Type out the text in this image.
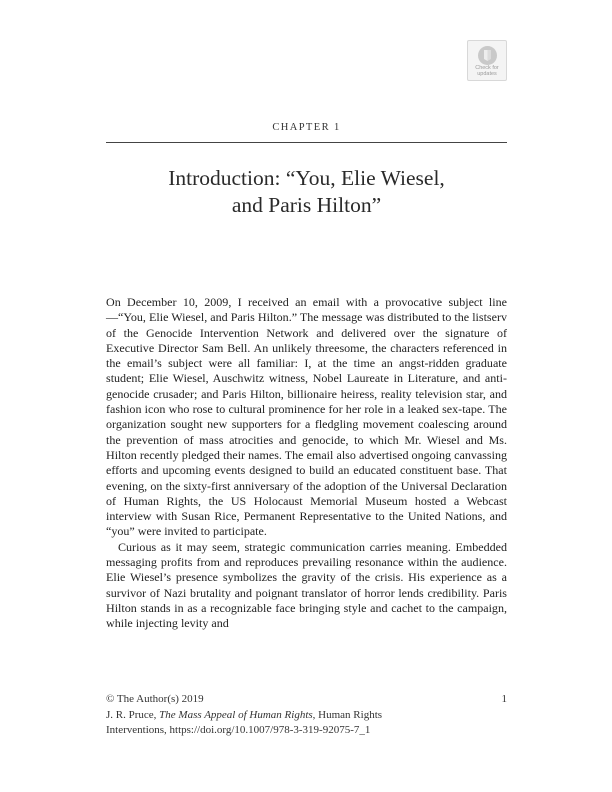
Check for
updates
CHAPTER 1
Introduction: “You, Elie Wiesel,
and Paris Hilton”

On December 10, 2009, I received an email with a provocative subject line—“You, Elie Wiesel, and Paris Hilton.” The message was distributed to the listserv of the Genocide Intervention Network and delivered over the signature of Executive Director Sam Bell. An unlikely threesome, the characters referenced in the email’s subject were all familiar: I, at the time an angst-ridden graduate student; Elie Wiesel, Auschwitz witness, Nobel Laureate in Literature, and anti-genocide crusader; and Paris Hilton, billionaire heiress, reality television star, and fashion icon who rose to cultural prominence for her role in a leaked sex-tape. The organization sought new supporters for a fledgling movement coalescing around the prevention of mass atrocities and genocide, to which Mr. Wiesel and Ms. Hilton recently pledged their names. The email also advertised ongoing canvassing efforts and upcoming events designed to build an educated constituent base. That evening, on the sixty-first anniversary of the adoption of the Universal Declaration of Human Rights, the US Holocaust Memorial Museum hosted a Webcast interview with Susan Rice, Permanent Representative to the United Nations, and “you” were invited to participate.

Curious as it may seem, strategic communication carries meaning. Embedded messaging profits from and reproduces prevailing resonance within the audience. Elie Wiesel’s presence symbolizes the gravity of the crisis. His experience as a survivor of Nazi brutality and poignant translator of horror lends credibility. Paris Hilton stands in as a recognizable face bringing style and cachet to the campaign, while injecting levity and

© The Author(s) 2019	1
J. R. Pruce, The Mass Appeal of Human Rights, Human Rights
Interventions, https://doi.org/10.1007/978-3-319-92075-7_1
